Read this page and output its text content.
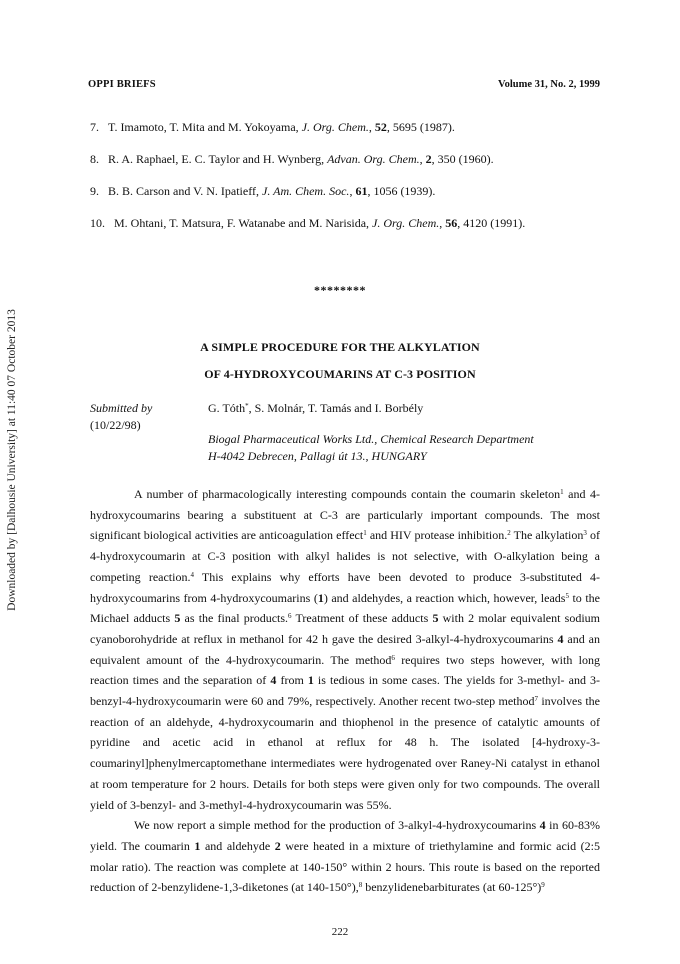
Downloaded by [Dalhousie University] at 11:40 07 October 2013
OPPI BRIEFS	Volume 31, No. 2, 1999
7. T. Imamoto, T. Mita and M. Yokoyama, J. Org. Chem., 52, 5695 (1987).
8. R. A. Raphael, E. C. Taylor and H. Wynberg, Advan. Org. Chem., 2, 350 (1960).
9. B. B. Carson and V. N. Ipatieff, J. Am. Chem. Soc., 61, 1056 (1939).
10. M. Ohtani, T. Matsura, F. Watanabe and M. Narisida, J. Org. Chem., 56, 4120 (1991).
********
A SIMPLE PROCEDURE FOR THE ALKYLATION
OF 4-HYDROXYCOUMARINS AT C-3 POSITION
Submitted by
(10/22/98)
G. Tóth*, S. Molnár, T. Tamás and I. Borbély
Biogal Pharmaceutical Works Ltd., Chemical Research Department
H-4042 Debrecen, Pallagi út 13., HUNGARY

A number of pharmacologically interesting compounds contain the coumarin skeleton$^1$ and 4-hydroxycoumarins bearing a substituent at C-3 are particularly important compounds. The most significant biological activities are anticoagulation effect$^1$ and HIV protease inhibition.$^2$ The alkylation$^3$ of 4-hydroxycoumarin at C-3 position with alkyl halides is not selective, with O-alkylation being a competing reaction.$^4$ This explains why efforts have been devoted to produce 3-substituted 4-hydroxycoumarins from 4-hydroxycoumarins (1) and aldehydes, a reaction which, however, leads$^5$ to the Michael adducts 5 as the final products.$^6$ Treatment of these adducts 5 with 2 molar equivalent sodium cyanoborohydride at reflux in methanol for 42 h gave the desired 3-alkyl-4-hydroxycoumarins 4 and an equivalent amount of the 4-hydroxycoumarin. The method$^6$ requires two steps however, with long reaction times and the separation of 4 from 1 is tedious in some cases. The yields for 3-methyl- and 3-benzyl-4-hydroxycoumarin were 60 and 79%, respectively. Another recent two-step method$^7$ involves the reaction of an aldehyde, 4-hydroxycoumarin and thiophenol in the presence of catalytic amounts of pyridine and acetic acid in ethanol at reflux for 48 h. The isolated [4-hydroxy-3-coumarinyl]phenylmercaptomethane intermediates were hydrogenated over Raney-Ni catalyst in ethanol at room temperature for 2 hours. Details for both steps were given only for two compounds. The overall yield of 3-benzyl- and 3-methyl-4-hydroxycoumarin was 55%.

We now report a simple method for the production of 3-alkyl-4-hydroxycoumarins 4 in 60-83% yield. The coumarin 1 and aldehyde 2 were heated in a mixture of triethylamine and formic acid (2:5 molar ratio). The reaction was complete at 140-150° within 2 hours. This route is based on the reported reduction of 2-benzylidene-1,3-diketones (at 140-150°),$^8$ benzylidenebarbiturates (at 60-125°)$^9$

222
